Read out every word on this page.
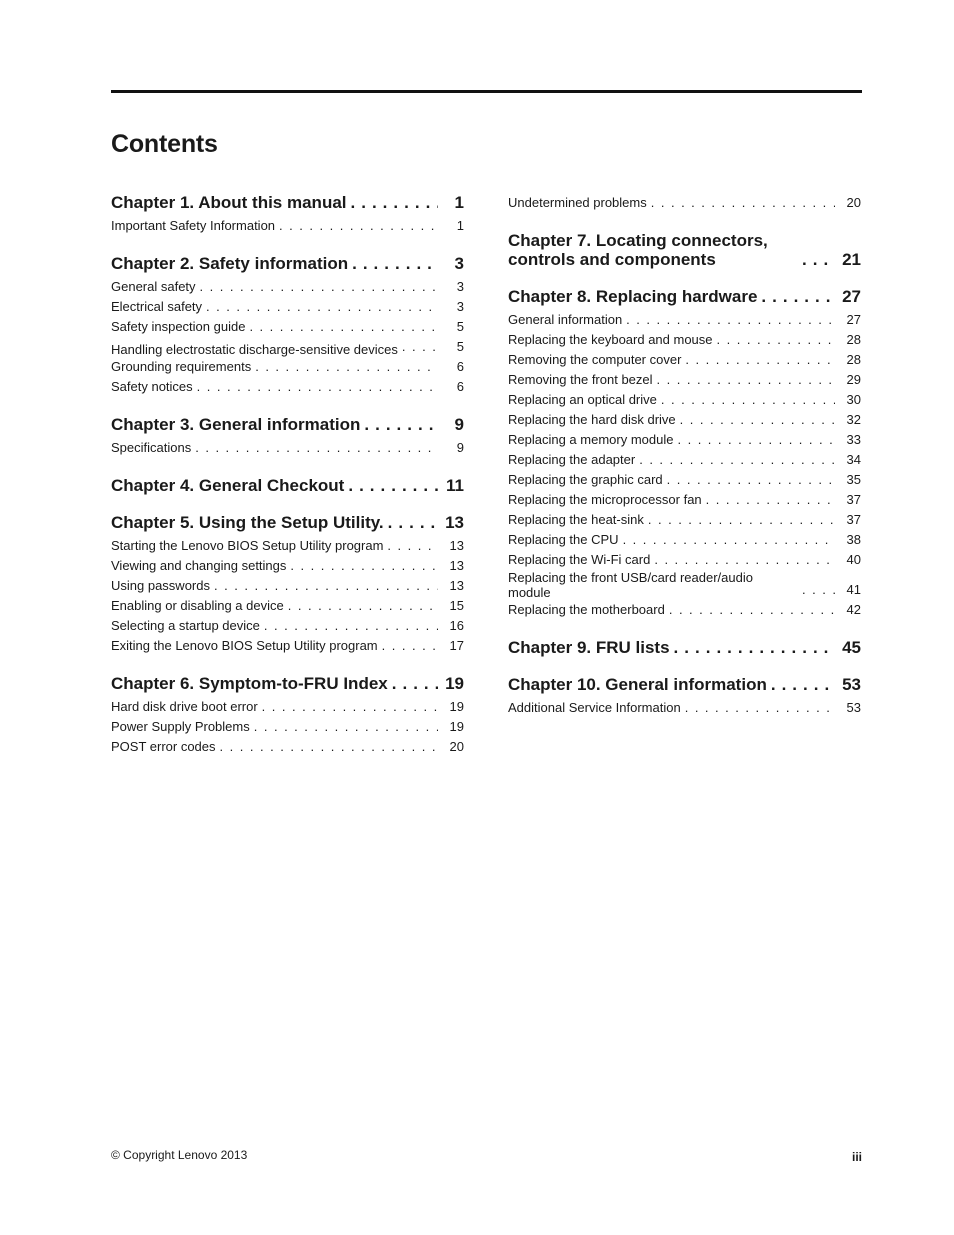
Contents
Chapter 1. About this manual .....	1
Important Safety Information .....	1
Chapter 2. Safety information .....	3
General safety .....	3
Electrical safety .....	3
Safety inspection guide .....	5
Handling electrostatic discharge-sensitive devices .....	5
Grounding requirements .....	6
Safety notices .....	6
Chapter 3. General information .....	9
Specifications .....	9
Chapter 4. General Checkout .....	11
Chapter 5. Using the Setup Utility. .....	13
Starting the Lenovo BIOS Setup Utility program .....	13
Viewing and changing settings .....	13
Using passwords .....	13
Enabling or disabling a device .....	15
Selecting a startup device .....	16
Exiting the Lenovo BIOS Setup Utility program .....	17
Chapter 6. Symptom-to-FRU Index .....	19
Hard disk drive boot error .....	19
Power Supply Problems .....	19
POST error codes .....	20
Undetermined problems .....	20
Chapter 7. Locating connectors, controls and components .....	21
Chapter 8. Replacing hardware .....	27
General information .....	27
Replacing the keyboard and mouse .....	28
Removing the computer cover .....	28
Removing the front bezel .....	29
Replacing an optical drive .....	30
Replacing the hard disk drive .....	32
Replacing a memory module .....	33
Replacing the adapter .....	34
Replacing the graphic card .....	35
Replacing the microprocessor fan .....	37
Replacing the heat-sink .....	37
Replacing the CPU .....	38
Replacing the Wi-Fi card .....	40
Replacing the front USB/card reader/audio module .....	41
Replacing the motherboard .....	42
Chapter 9. FRU lists .....	45
Chapter 10. General information .....	53
Additional Service Information .....	53
© Copyright Lenovo 2013	iii
